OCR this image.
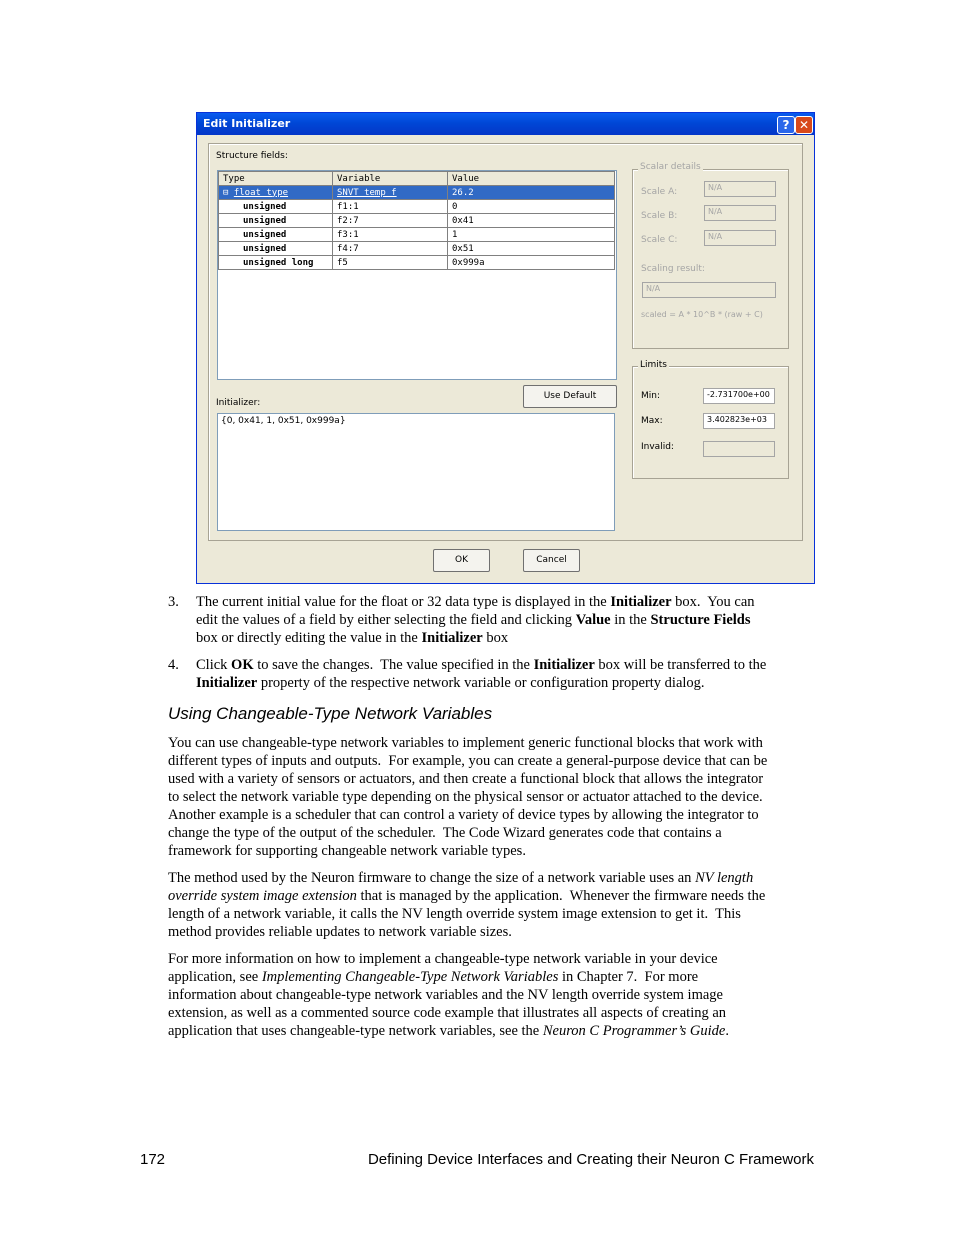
Edit Initializer	? ✕
Structure fields:
Type	Variable	Value
⊟ float_type	SNVT_temp_f	26.2
unsigned	f1:1	0
unsigned	f2:7	0x41
unsigned	f3:1	1
unsigned	f4:7	0x51
unsigned long	f5	0x999a
Initializer:
Use Default
{0, 0x41, 1, 0x51, 0x999a}
Scalar details
Scale A:	N/A
Scale B:	N/A
Scale C:	N/A
Scaling result:
N/A
scaled = A * 10^B * (raw + C)
Limits
Min:	-2.731700e+00
Max:	3.402823e+03
Invalid:
OK	Cancel
3. The current initial value for the float or 32 data type is displayed in the Initializer box.  You can
edit the values of a field by either selecting the field and clicking Value in the Structure Fields
box or directly editing the value in the Initializer box
4. Click OK to save the changes.  The value specified in the Initializer box will be transferred to the
Initializer property of the respective network variable or configuration property dialog.
Using Changeable-Type Network Variables
You can use changeable-type network variables to implement generic functional blocks that work with
different types of inputs and outputs.  For example, you can create a general-purpose device that can be
used with a variety of sensors or actuators, and then create a functional block that allows the integrator
to select the network variable type depending on the physical sensor or actuator attached to the device.
Another example is a scheduler that can control a variety of device types by allowing the integrator to
change the type of the output of the scheduler.  The Code Wizard generates code that contains a
framework for supporting changeable network variable types.
The method used by the Neuron firmware to change the size of a network variable uses an NV length
override system image extension that is managed by the application.  Whenever the firmware needs the
length of a network variable, it calls the NV length override system image extension to get it.  This
method provides reliable updates to network variable sizes.
For more information on how to implement a changeable-type network variable in your device
application, see Implementing Changeable-Type Network Variables in Chapter 7.  For more
information about changeable-type network variables and the NV length override system image
extension, as well as a commented source code example that illustrates all aspects of creating an
application that uses changeable-type network variables, see the Neuron C Programmer’s Guide.
172	Defining Device Interfaces and Creating their Neuron C Framework
